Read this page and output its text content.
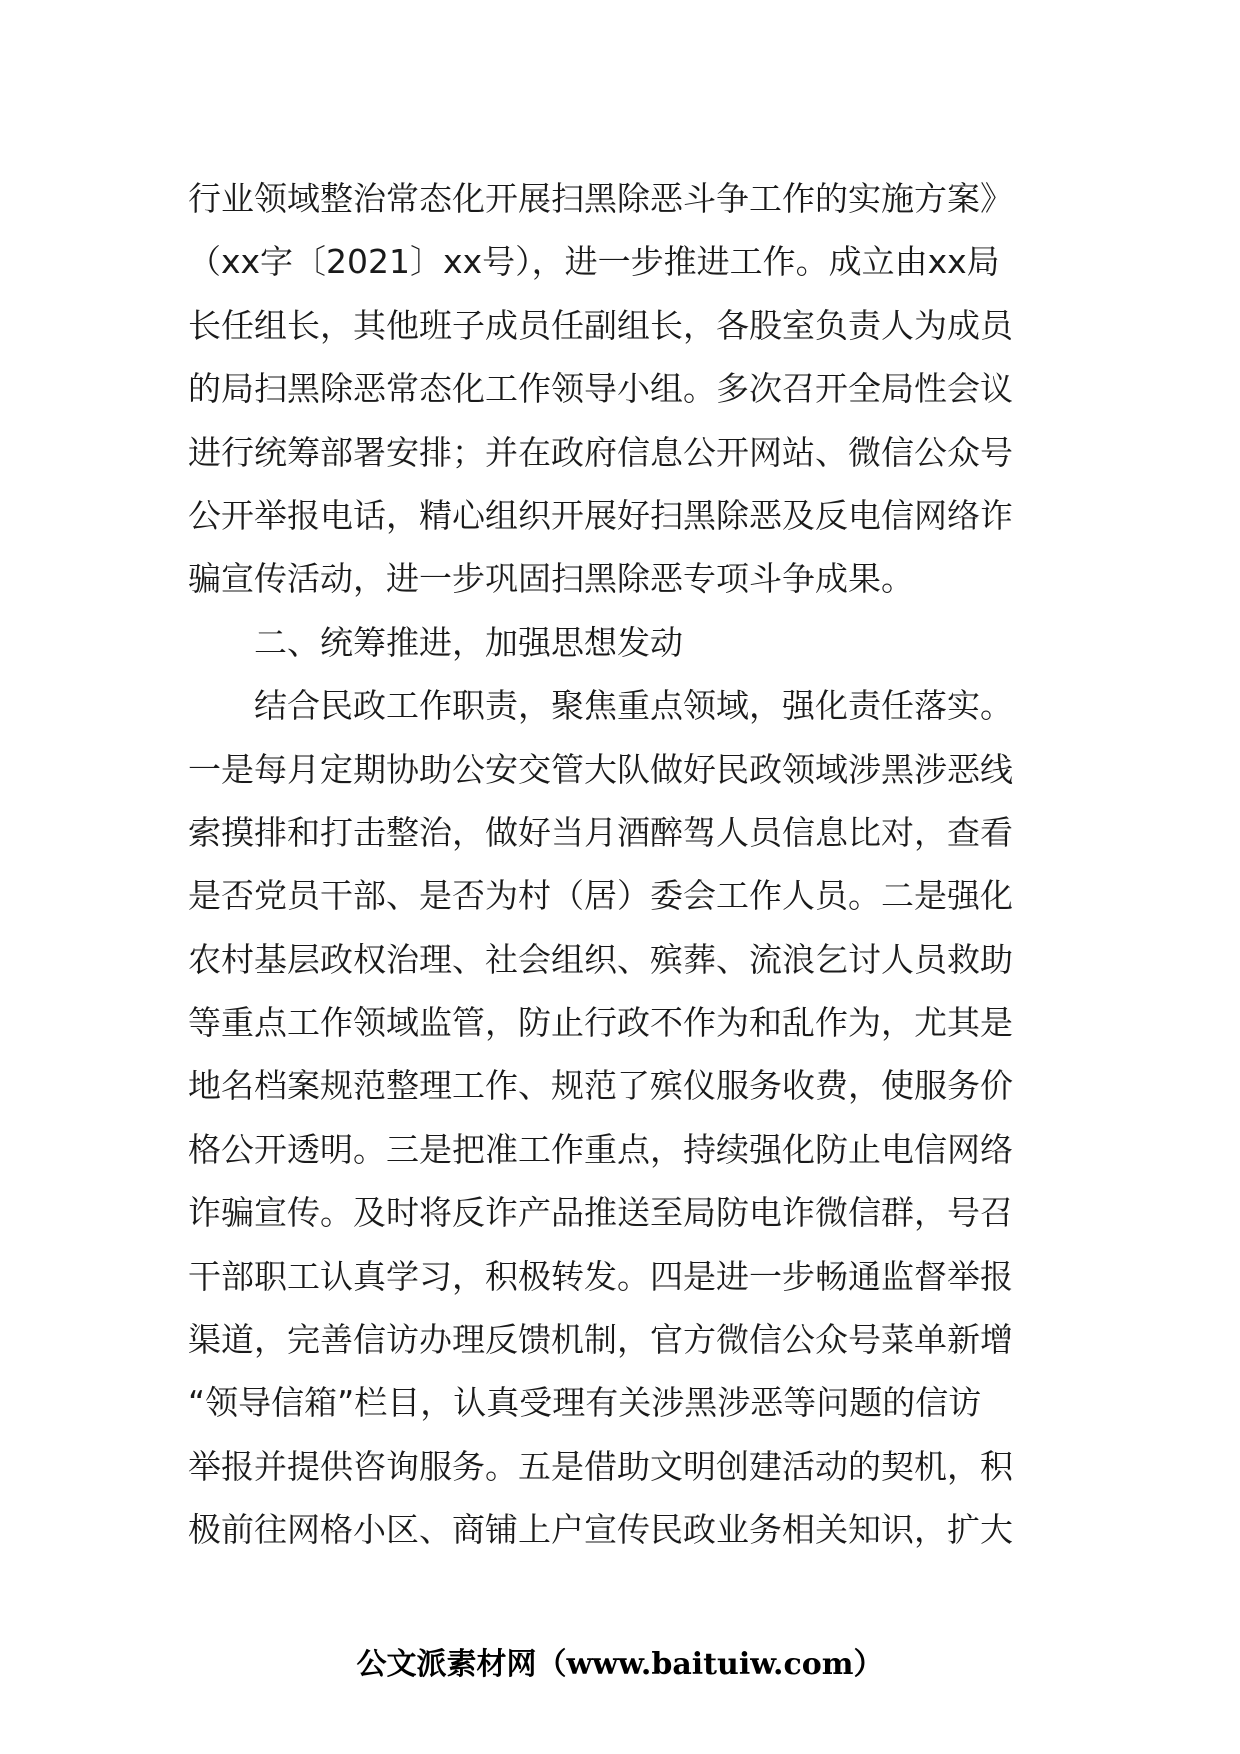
行业领域整治常态化开展扫黑除恶斗争工作的实施方案》
（xx字〔2021〕xx号），进一步推进工作。成立由xx局
长任组长，其他班子成员任副组长，各股室负责人为成员
的局扫黑除恶常态化工作领导小组。多次召开全局性会议
进行统筹部署安排；并在政府信息公开网站、微信公众号
公开举报电话，精心组织开展好扫黑除恶及反电信网络诈
骗宣传活动，进一步巩固扫黑除恶专项斗争成果。
二、统筹推进，加强思想发动
结合民政工作职责，聚焦重点领域，强化责任落实。
一是每月定期协助公安交管大队做好民政领域涉黑涉恶线
索摸排和打击整治，做好当月酒醉驾人员信息比对，查看
是否党员干部、是否为村（居）委会工作人员。二是强化
农村基层政权治理、社会组织、殡葬、流浪乞讨人员救助
等重点工作领域监管，防止行政不作为和乱作为，尤其是
地名档案规范整理工作、规范了殡仪服务收费，使服务价
格公开透明。三是把准工作重点，持续强化防止电信网络
诈骗宣传。及时将反诈产品推送至局防电诈微信群，号召
干部职工认真学习，积极转发。四是进一步畅通监督举报
渠道，完善信访办理反馈机制，官方微信公众号菜单新增
“领导信箱”栏目，认真受理有关涉黑涉恶等问题的信访
举报并提供咨询服务。五是借助文明创建活动的契机，积
极前往网格小区、商铺上户宣传民政业务相关知识，扩大
公文派素材网（www.baituiw.com）
